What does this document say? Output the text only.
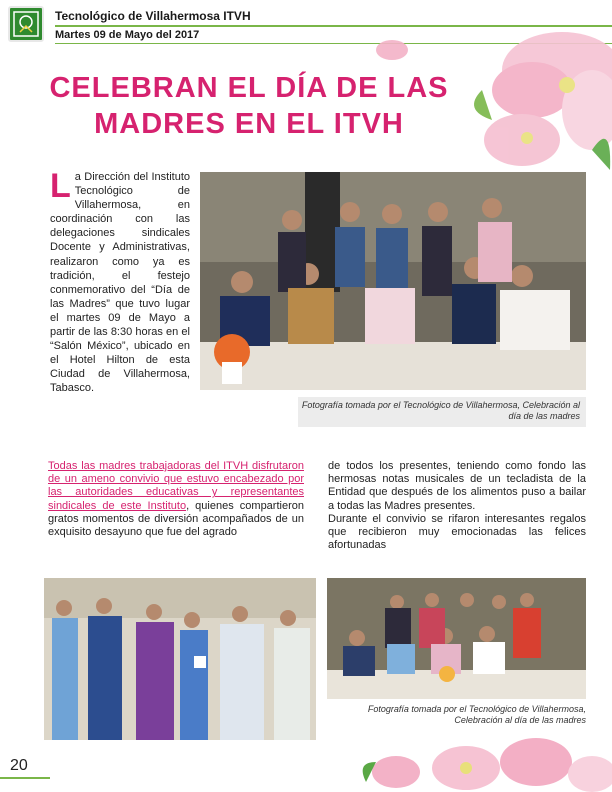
Tecnológico de Villahermosa ITVH
Martes 09 de Mayo del 2017
CELEBRAN EL DÍA DE LAS MADRES EN EL ITVH
La Dirección del Instituto Tecnológico de Villahermosa, en coordinación con las delegaciones sindicales Docente y Administrativas, realizaron como ya es tradición, el festejo conmemorativo del “Día de las Madres” que tuvo lugar el martes 09 de Mayo a partir de las 8:30 horas en el “Salón México”, ubicado en el Hotel Hilton de esta Ciudad de Villahermosa, Tabasco.
Fotografía tomada por el Tecnológico de Villahermosa, Celebración al día de las madres
Todas las madres trabajadoras del ITVH disfrutaron de un ameno convivio que estuvo encabezado por las autoridades educativas y representantes sindicales de este Instituto, quienes compartieron gratos momentos de diversión acompañados de un exquisito desayuno que fue del agrado
de todos los presentes, teniendo como fondo las hermosas notas musicales de un tecladista de la Entidad que después de los alimentos puso a bailar a todas las Madres presentes.
Durante el convivio se rifaron interesantes regalos que recibieron muy emocionadas las felices afortunadas
Fotografía tomada por el Tecnológico de Villahermosa, Celebración al día de las madres
20
